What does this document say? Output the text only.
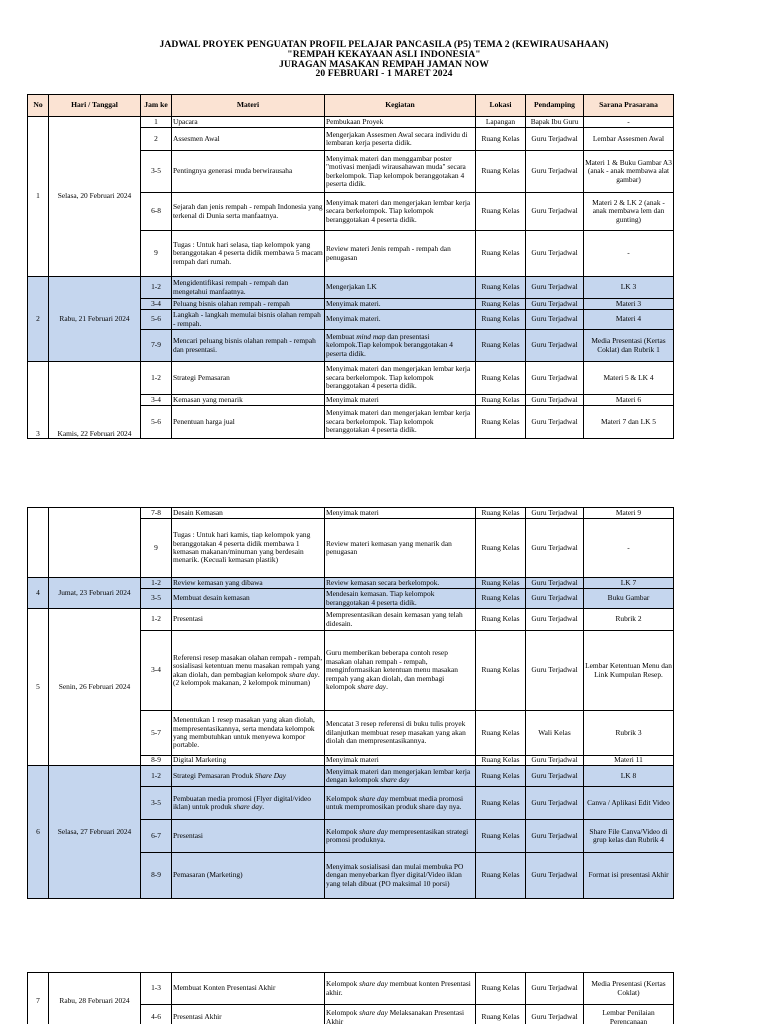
JADWAL PROYEK PENGUATAN PROFIL PELAJAR PANCASILA (P5) TEMA 2 (KEWIRAUSAHAAN)
"REMPAH KEKAYAAN ASLI INDONESIA"
JURAGAN MASAKAN REMPAH JAMAN NOW
20 FEBRUARI - 1 MARET 2024
No	Hari / Tanggal	Jam ke	Materi	Kegiatan	Lokasi	Pendamping	Sarana Prasarana
1	Selasa, 20 Februari 2024	1	Upacara	Pembukaan Proyek	Lapangan	Bapak Ibu Guru	-
		2	Assesmen Awal	Mengerjakan Assesmen Awal secara individu di lembaran kerja peserta didik.	Ruang Kelas	Guru Terjadwal	Lembar Assesmen Awal
		3-5	Pentingnya generasi muda berwirausaha	Menyimak materi dan menggambar poster "motivasi menjadi wirausahawan muda" secara berkelompok. Tiap kelompok beranggotakan 4 peserta didik.	Ruang Kelas	Guru Terjadwal	Materi 1 & Buku Gambar A3 (anak - anak membawa alat gambar)
		6-8	Sejarah dan jenis rempah - rempah Indonesia yang terkenal di Dunia serta manfaatnya.	Menyimak materi dan mengerjakan lembar kerja secara berkelompok. Tiap kelompok beranggotakan 4 peserta didik.	Ruang Kelas	Guru Terjadwal	Materi 2 & LK 2 (anak - anak membawa lem dan gunting)
		9	Tugas : Untuk hari selasa, tiap kelompok yang beranggotakan 4 peserta didik membawa 5 macam rempah dari rumah.	Review materi Jenis rempah - rempah dan penugasan	Ruang Kelas	Guru Terjadwal	-
2	Rabu, 21 Februari 2024	1-2	Mengidentifikasi rempah - rempah dan mengetahui manfaatnya.	Mengerjakan LK	Ruang Kelas	Guru Terjadwal	LK 3
		3-4	Peluang bisnis olahan rempah - rempah	Menyimak materi.	Ruang Kelas	Guru Terjadwal	Materi 3
		5-6	Langkah - langkah memulai bisnis olahan rempah - rempah.	Menyimak materi.	Ruang Kelas	Guru Terjadwal	Materi 4
		7-9	Mencari peluang bisnis olahan rempah - rempah dan presentasi.	Membuat mind map dan presentasi kelompok.Tiap kelompok beranggotakan 4 peserta didik.	Ruang Kelas	Guru Terjadwal	Media Presentasi (Kertas Coklat) dan Rubrik 1
3	Kamis, 22 Februari 2024	1-2	Strategi Pemasaran	Menyimak materi dan mengerjakan lembar kerja secara berkelompok. Tiap kelompok beranggotakan 4 peserta didik.	Ruang Kelas	Guru Terjadwal	Materi 5 & LK 4
		3-4	Kemasan yang menarik	Menyimak materi	Ruang Kelas	Guru Terjadwal	Materi 6
		5-6	Penentuan harga jual	Menyimak materi dan mengerjakan lembar kerja secara berkelompok. Tiap kelompok beranggotakan 4 peserta didik.	Ruang Kelas	Guru Terjadwal	Materi 7 dan LK 5
		7-8	Desain Kemasan	Menyimak materi	Ruang Kelas	Guru Terjadwal	Materi 9
		9	Tugas : Untuk hari kamis, tiap kelompok yang beranggotakan 4 peserta didik membawa 1 kemasan makanan/minuman yang berdesain menarik. (Kecuali kemasan plastik)	Review materi kemasan yang menarik dan penugasan	Ruang Kelas	Guru Terjadwal	-
4	Jumat, 23 Februari 2024	1-2	Review kemasan yang dibawa	Review kemasan secara berkelompok.	Ruang Kelas	Guru Terjadwal	LK 7
		3-5	Membuat desain kemasan	Mendesain kemasan. Tiap kelompok beranggotakan 4 peserta didik.	Ruang Kelas	Guru Terjadwal	Buku Gambar
5	Senin, 26 Februari 2024	1-2	Presentasi	Mempresentasikan desain kemasan yang telah didesain.	Ruang Kelas	Guru Terjadwal	Rubrik 2
		3-4	Referensi resep masakan olahan rempah - rempah, sosialisasi ketentuan menu masakan rempah yang akan diolah, dan pembagian kelompok share day. (2 kelompok makanan, 2 kelompok minuman)	Guru memberikan beberapa contoh resep masakan olahan rempah - rempah, menginformasikan ketentuan menu masakan rempah yang akan diolah, dan membagi kelompok share day.	Ruang Kelas	Guru Terjadwal	Lembar Ketentuan Menu dan Link Kumpulan Resep.
		5-7	Menentukan 1 resep masakan yang akan diolah, mempresentasikannya, serta mendata kelompok yang membutuhkan untuk menyewa kompor portable.	Mencatat 3 resep referensi di buku tulis proyek dilanjutkan membuat resep masakan yang akan diolah dan mempresentasikannya.	Ruang Kelas	Wali Kelas	Rubrik 3
		8-9	Digital Marketing	Menyimak materi	Ruang Kelas	Guru Terjadwal	Materi 11
6	Selasa, 27 Februari 2024	1-2	Strategi Pemasaran Produk Share Day	Menyimak materi dan mengerjakan lembar kerja dengan kelompok share day	Ruang Kelas	Guru Terjadwal	LK 8
		3-5	Pembuatan media promosi (Flyer digital/video iklan) untuk produk share day.	Kelompok share day membuat media promosi untuk mempromosikan produk share day nya.	Ruang Kelas	Guru Terjadwal	Canva / Aplikasi Edit Video
		6-7	Presentasi	Kelompok share day mempresentasikan strategi promosi produknya.	Ruang Kelas	Guru Terjadwal	Share File Canva/Video di grup kelas dan Rubrik 4
		8-9	Pemasaran (Marketing)	Menyimak sosialisasi dan mulai membuka PO dengan menyebarkan flyer digital/Video iklan yang telah dibuat (PO maksimal 10 porsi)	Ruang Kelas	Guru Terjadwal	Format isi presentasi Akhir
7	Rabu, 28 Februari 2024	1-3	Membuat Konten Presentasi Akhir	Kelompok share day membuat konten Presentasi akhir.	Ruang Kelas	Guru Terjadwal	Media Presentasi (Kertas Coklat)
		4-6	Presentasi Akhir	Kelompok share day Melaksanakan Presentasi Akhir	Ruang Kelas	Guru Terjadwal	Lembar Penilaian Perencanaan
